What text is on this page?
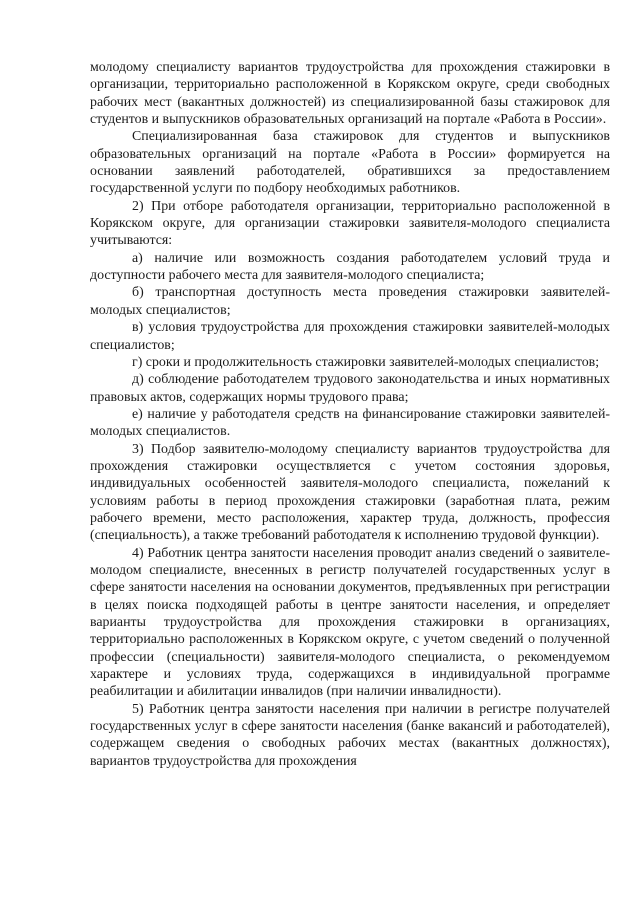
молодому специалисту вариантов трудоустройства для прохождения стажировки в организации, территориально расположенной в Корякском округе, среди свободных рабочих мест (вакантных должностей) из специализированной базы стажировок для студентов и выпускников образовательных организаций на портале «Работа в России».

Специализированная база стажировок для студентов и выпускников образовательных организаций на портале «Работа в России» формируется на основании заявлений работодателей, обратившихся за предоставлением государственной услуги по подбору необходимых работников.

2) При отборе работодателя организации, территориально расположенной в Корякском округе, для организации стажировки заявителя-молодого специалиста учитываются:

а) наличие или возможность создания работодателем условий труда и доступности рабочего места для заявителя-молодого специалиста;

б) транспортная доступность места проведения стажировки заявителей-молодых специалистов;

в) условия трудоустройства для прохождения стажировки заявителей-молодых специалистов;

г) сроки и продолжительность стажировки заявителей-молодых специалистов;

д) соблюдение работодателем трудового законодательства и иных нормативных правовых актов, содержащих нормы трудового права;

е) наличие у работодателя средств на финансирование стажировки заявителей-молодых специалистов.

3) Подбор заявителю-молодому специалисту вариантов трудоустройства для прохождения стажировки осуществляется с учетом состояния здоровья, индивидуальных особенностей заявителя-молодого специалиста, пожеланий к условиям работы в период прохождения стажировки (заработная плата, режим рабочего времени, место расположения, характер труда, должность, профессия (специальность), а также требований работодателя к исполнению трудовой функции).

4) Работник центра занятости населения проводит анализ сведений о заявителе-молодом специалисте, внесенных в регистр получателей государственных услуг в сфере занятости населения на основании документов, предъявленных при регистрации в целях поиска подходящей работы в центре занятости населения, и определяет варианты трудоустройства для прохождения стажировки в организациях, территориально расположенных в Корякском округе, с учетом сведений о полученной профессии (специальности) заявителя-молодого специалиста, о рекомендуемом характере и условиях труда, содержащихся в индивидуальной программе реабилитации и абилитации инвалидов (при наличии инвалидности).

5) Работник центра занятости населения при наличии в регистре получателей государственных услуг в сфере занятости населения (банке вакансий и работодателей), содержащем сведения о свободных рабочих местах (вакантных должностях), вариантов трудоустройства для прохождения
